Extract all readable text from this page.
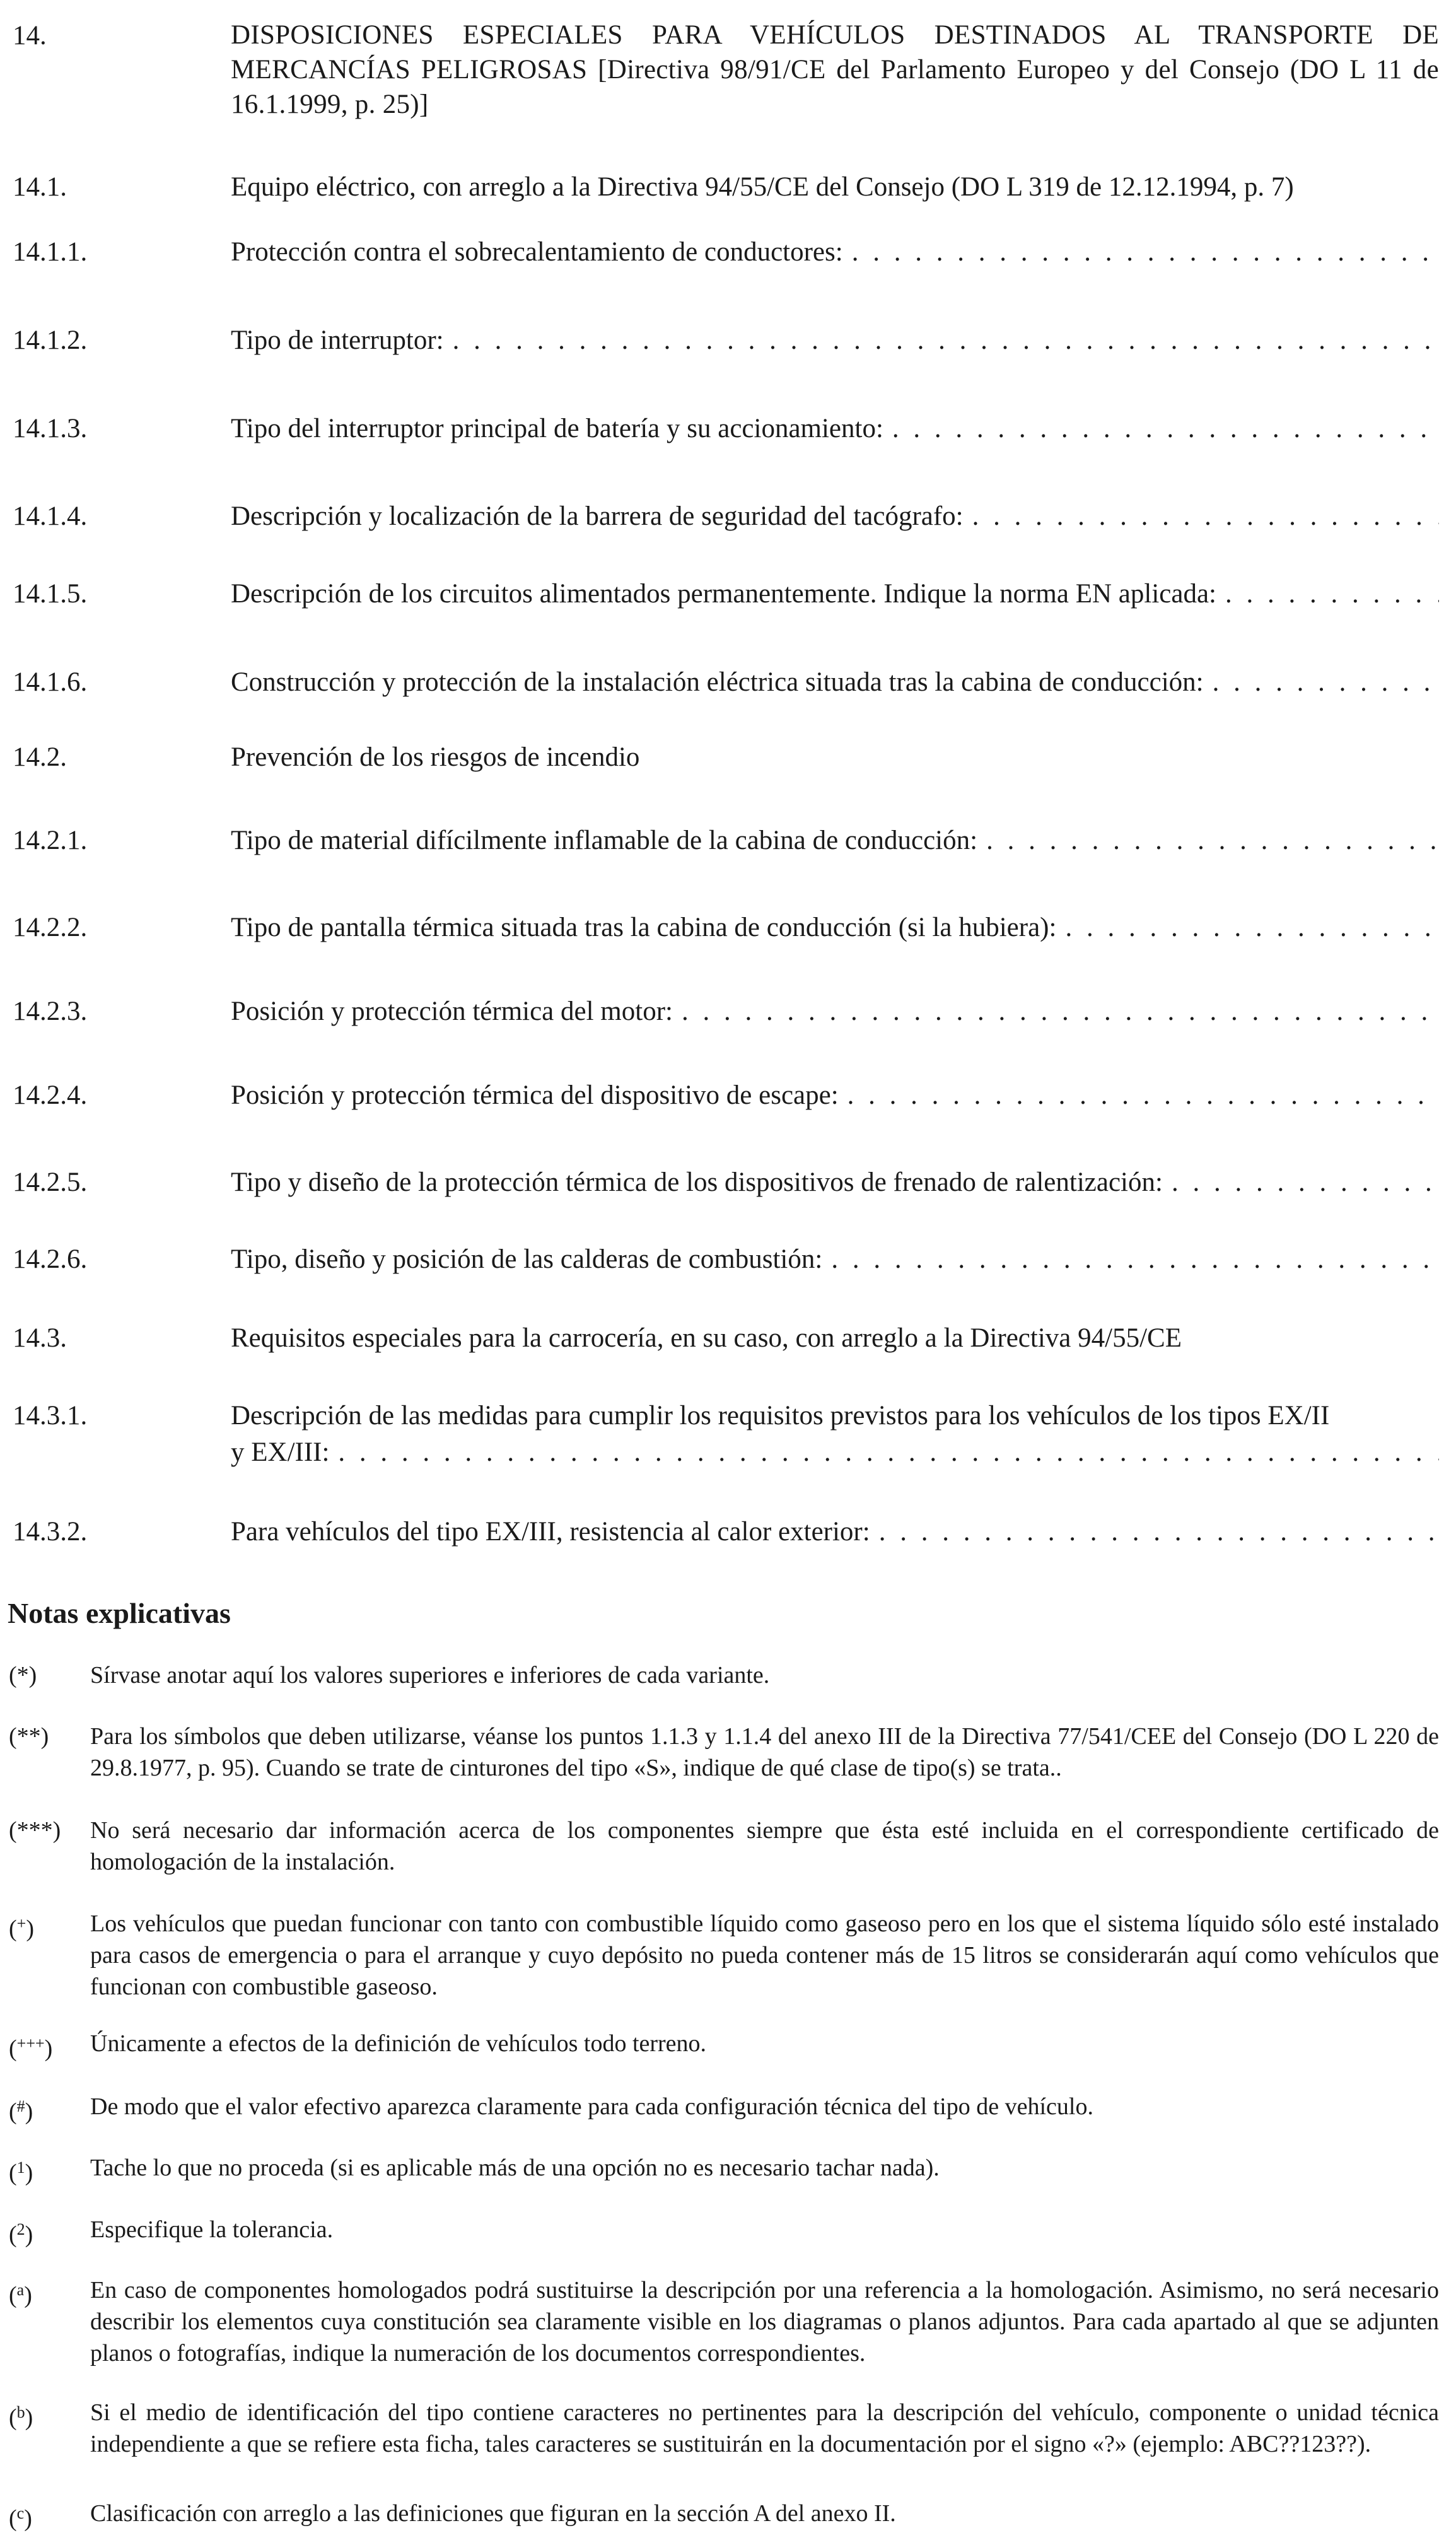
14.	DISPOSICIONES ESPECIALES PARA VEHÍCULOS DESTINADOS AL TRANSPORTE DE MERCANCÍAS PELIGROSAS [Directiva 98/91/CE del Parlamento Europeo y del Consejo (DO L 11 de 16.1.1999, p. 25)]
14.1.	Equipo eléctrico, con arreglo a la Directiva 94/55/CE del Consejo (DO L 319 de 12.12.1994, p. 7)
14.1.1.	Protección contra el sobrecalentamiento de conductores:
. . .
14.1.2.	Tipo de interruptor:
. . .
14.1.3.	Tipo del interruptor principal de batería y su accionamiento:
. . .
14.1.4.	Descripción y localización de la barrera de seguridad del tacógrafo:
. . .
14.1.5.	Descripción de los circuitos alimentados permanentemente. Indique la norma EN aplicada:
. . .
14.1.6.	Construcción y protección de la instalación eléctrica situada tras la cabina de conducción:
. . .
14.2.	Prevención de los riesgos de incendio
14.2.1.	Tipo de material difícilmente inflamable de la cabina de conducción:
. . .
14.2.2.	Tipo de pantalla térmica situada tras la cabina de conducción (si la hubiera):
. . .
14.2.3.	Posición y protección térmica del motor:
. . .
14.2.4.	Posición y protección térmica del dispositivo de escape:
. . .
14.2.5.	Tipo y diseño de la protección térmica de los dispositivos de frenado de ralentización:
. . .
14.2.6.	Tipo, diseño y posición de las calderas de combustión:
. . .
14.3.	Requisitos especiales para la carrocería, en su caso, con arreglo a la Directiva 94/55/CE
14.3.1.	Descripción de las medidas para cumplir los requisitos previstos para los vehículos de los tipos EX/II
y EX/III:
. . .
14.3.2.	Para vehículos del tipo EX/III, resistencia al calor exterior:
. . .
Notas explicativas
(*) Sírvase anotar aquí los valores superiores e inferiores de cada variante.
(**) Para los símbolos que deben utilizarse, véanse los puntos 1.1.3 y 1.1.4 del anexo III de la Directiva 77/541/CEE del Consejo (DO L 220 de 29.8.1977, p. 95). Cuando se trate de cinturones del tipo «S», indique de qué clase de tipo(s) se trata..
(***) No será necesario dar información acerca de los componentes siempre que ésta esté incluida en el correspondiente certificado de homologación de la instalación.
(+) Los vehículos que puedan funcionar con tanto con combustible líquido como gaseoso pero en los que el sistema líquido sólo esté instalado para casos de emergencia o para el arranque y cuyo depósito no pueda contener más de 15 litros se considerarán aquí como vehículos que funcionan con combustible gaseoso.
(+++) Únicamente a efectos de la definición de vehículos todo terreno.
(#) De modo que el valor efectivo aparezca claramente para cada configuración técnica del tipo de vehículo.
($^1$) Tache lo que no proceda (si es aplicable más de una opción no es necesario tachar nada).
($^2$) Especifique la tolerancia.
($^a$) En caso de componentes homologados podrá sustituirse la descripción por una referencia a la homologación. Asimismo, no será necesario describir los elementos cuya constitución sea claramente visible en los diagramas o planos adjuntos. Para cada apartado al que se adjunten planos o fotografías, indique la numeración de los documentos correspondientes.
($^b$) Si el medio de identificación del tipo contiene caracteres no pertinentes para la descripción del vehículo, componente o unidad técnica independiente a que se refiere esta ficha, tales caracteres se sustituirán en la documentación por el signo «?» (ejemplo: ABC??123??).
($^c$) Clasificación con arreglo a las definiciones que figuran en la sección A del anexo II.
